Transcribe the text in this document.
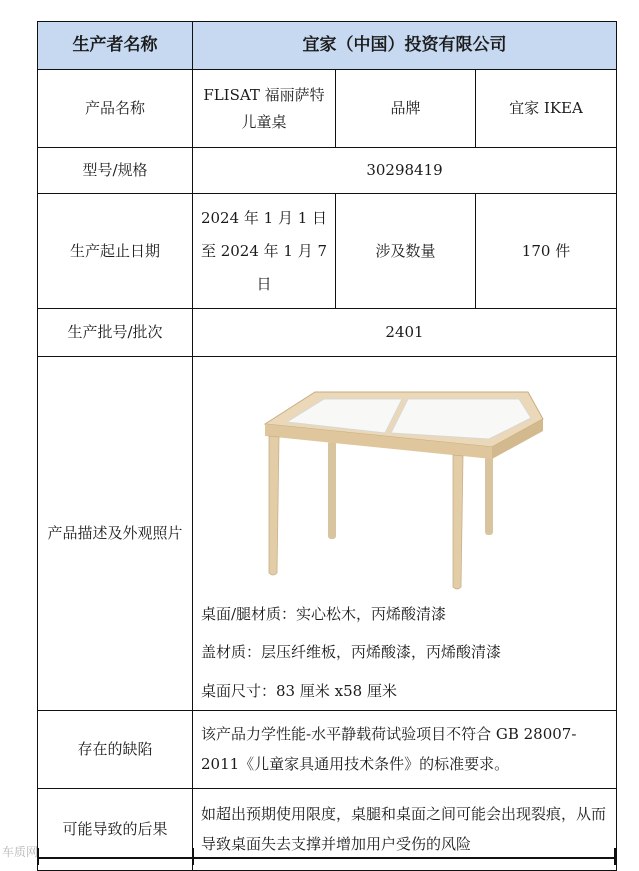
生产者名称	宜家（中国）投资有限公司		
产品名称	FLISAT 福丽萨特儿童桌	品牌	宜家 IKEA
型号/规格	30298419		
生产起止日期	2024 年 1 月 1 日至 2024 年 1 月 7 日	涉及数量	170 件
生产批号/批次	2401		
产品描述及外观照片	桌面/腿材质：实心松木，丙烯酸清漆
盖材质：层压纤维板，丙烯酸漆，丙烯酸清漆
桌面尺寸：83 厘米 x58 厘米		

存在的缺陷	该产品力学性能-水平静载荷试验项目不符合 GB 28007-2011《儿童家具通用技术条件》的标准要求。		
可能导致的后果	如超出预期使用限度，桌腿和桌面之间可能会出现裂痕，从而导致桌面失去支撑并增加用户受伤的风险		
车质网
